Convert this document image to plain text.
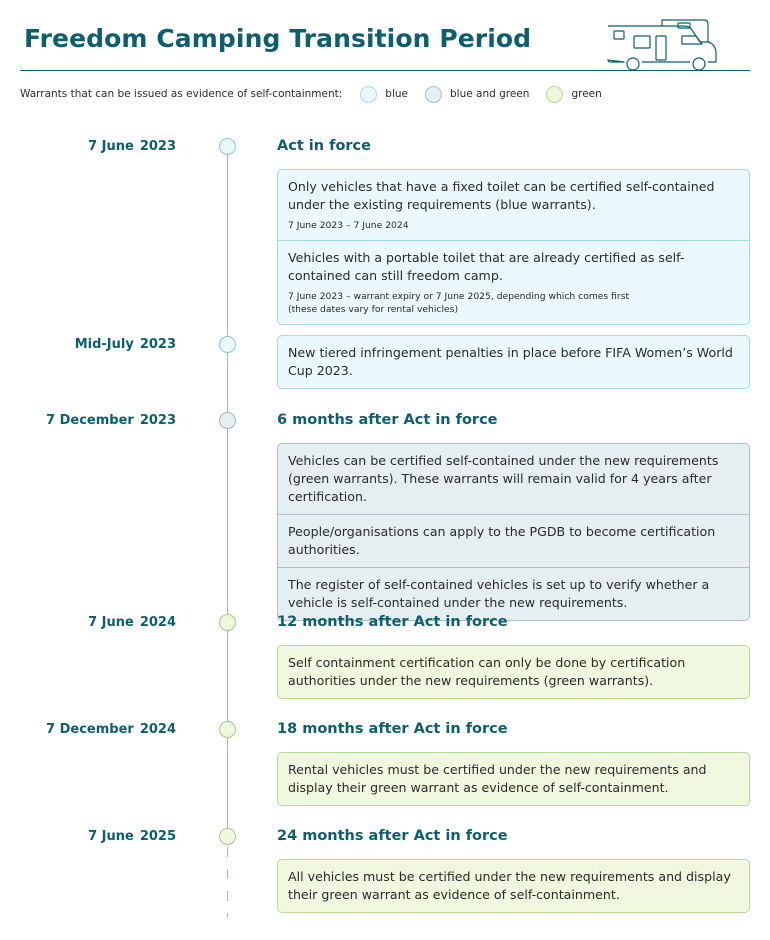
Freedom Camping Transition Period
Warrants that can be issued as evidence of self-containment:	blue	blue and green	green
7 June 2023	Act in force
Only vehicles that have a fixed toilet can be certified self-contained under the existing requirements (blue warrants).
7 June 2023 – 7 June 2024
Vehicles with a portable toilet that are already certified as self-contained can still freedom camp.
7 June 2023 – warrant expiry or 7 June 2025, depending which comes first
(these dates vary for rental vehicles)
Mid-July 2023
New tiered infringement penalties in place before FIFA Women’s World Cup 2023.
7 December 2023	6 months after Act in force
Vehicles can be certified self-contained under the new requirements (green warrants). These warrants will remain valid for 4 years after certification.
People/organisations can apply to the PGDB to become certification authorities.
The register of self-contained vehicles is set up to verify whether a vehicle is self-contained under the new requirements.
7 June 2024	12 months after Act in force
Self containment certification can only be done by certification authorities under the new requirements (green warrants).
7 December 2024	18 months after Act in force
Rental vehicles must be certified under the new requirements and display their green warrant as evidence of self-containment.
7 June 2025	24 months after Act in force
All vehicles must be certified under the new requirements and display their green warrant as evidence of self-containment.
